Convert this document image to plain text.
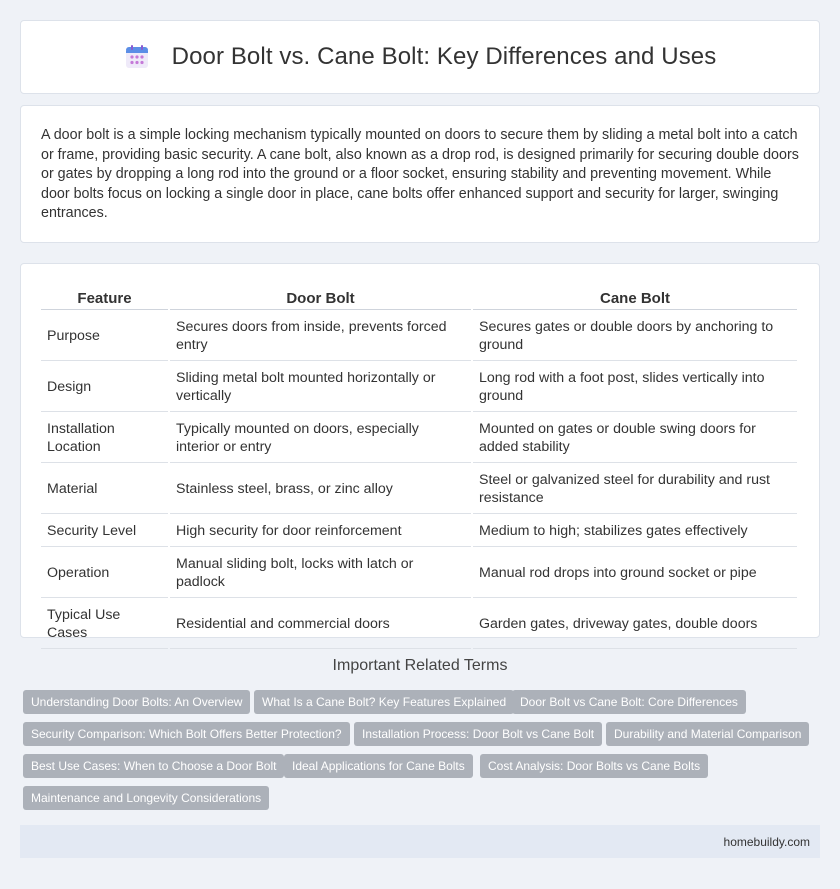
Door Bolt vs. Cane Bolt: Key Differences and Uses

A door bolt is a simple locking mechanism typically mounted on doors to secure them by sliding a metal bolt into a catch or frame, providing basic security. A cane bolt, also known as a drop rod, is designed primarily for securing double doors or gates by dropping a long rod into the ground or a floor socket, ensuring stability and preventing movement. While door bolts focus on locking a single door in place, cane bolts offer enhanced support and security for larger, swinging entrances.

Feature	Door Bolt	Cane Bolt
Purpose	Secures doors from inside, prevents forced entry	Secures gates or double doors by anchoring to ground
Design	Sliding metal bolt mounted horizontally or vertically	Long rod with a foot post, slides vertically into ground
Installation Location	Typically mounted on doors, especially interior or entry	Mounted on gates or double swing doors for added stability
Material	Stainless steel, brass, or zinc alloy	Steel or galvanized steel for durability and rust resistance
Security Level	High security for door reinforcement	Medium to high; stabilizes gates effectively
Operation	Manual sliding bolt, locks with latch or padlock	Manual rod drops into ground socket or pipe
Typical Use Cases	Residential and commercial doors	Garden gates, driveway gates, double doors
Important Related Terms
Understanding Door Bolts: An Overview	What Is a Cane Bolt? Key Features Explained	Door Bolt vs Cane Bolt: Core Differences
Security Comparison: Which Bolt Offers Better Protection?	Installation Process: Door Bolt vs Cane Bolt	Durability and Material Comparison
Best Use Cases: When to Choose a Door Bolt	Ideal Applications for Cane Bolts	Cost Analysis: Door Bolts vs Cane Bolts
Maintenance and Longevity Considerations
homebuildy.com
